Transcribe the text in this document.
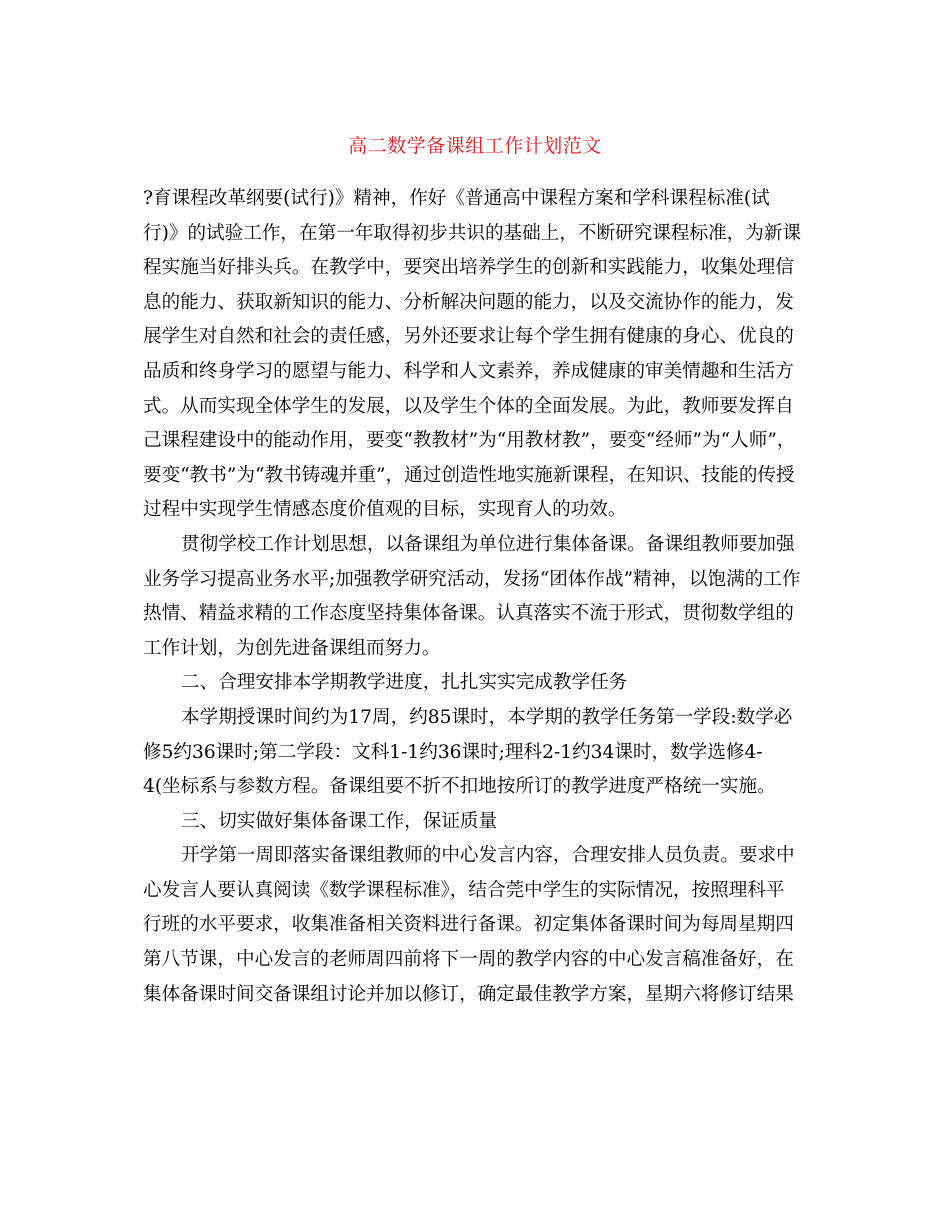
高二数学备课组工作计划范文
?育课程改革纲要(试行)》精神，作好《普通高中课程方案和学科课程标准(试
行)》的试验工作，在第一年取得初步共识的基础上，不断研究课程标准，为新课
程实施当好排头兵。在教学中，要突出培养学生的创新和实践能力，收集处理信
息的能力、获取新知识的能力、分析解决问题的能力，以及交流协作的能力，发
展学生对自然和社会的责任感，另外还要求让每个学生拥有健康的身心、优良的
品质和终身学习的愿望与能力、科学和人文素养，养成健康的审美情趣和生活方
式。从而实现全体学生的发展，以及学生个体的全面发展。为此，教师要发挥自
己课程建设中的能动作用，要变“教教材”为“用教材教”，要变“经师”为“人师”，
要变“教书”为“教书铸魂并重”，通过创造性地实施新课程，在知识、技能的传授
过程中实现学生情感态度价值观的目标，实现育人的功效。
贯彻学校工作计划思想，以备课组为单位进行集体备课。备课组教师要加强
业务学习提高业务水平;加强教学研究活动，发扬“团体作战”精神，以饱满的工作
热情、精益求精的工作态度坚持集体备课。认真落实不流于形式，贯彻数学组的
工作计划，为创先进备课组而努力。
二、合理安排本学期教学进度，扎扎实实完成教学任务
本学期授课时间约为17周，约85课时，本学期的教学任务第一学段:数学必
修5约36课时;第二学段：文科1-1约36课时;理科2-1约34课时，数学选修4-
4(坐标系与参数方程。备课组要不折不扣地按所订的教学进度严格统一实施。
三、切实做好集体备课工作，保证质量
开学第一周即落实备课组教师的中心发言内容，合理安排人员负责。要求中
心发言人要认真阅读《数学课程标准》，结合莞中学生的实际情况，按照理科平
行班的水平要求，收集准备相关资料进行备课。初定集体备课时间为每周星期四
第八节课，中心发言的老师周四前将下一周的教学内容的中心发言稿准备好，在
集体备课时间交备课组讨论并加以修订，确定最佳教学方案，星期六将修订结果
